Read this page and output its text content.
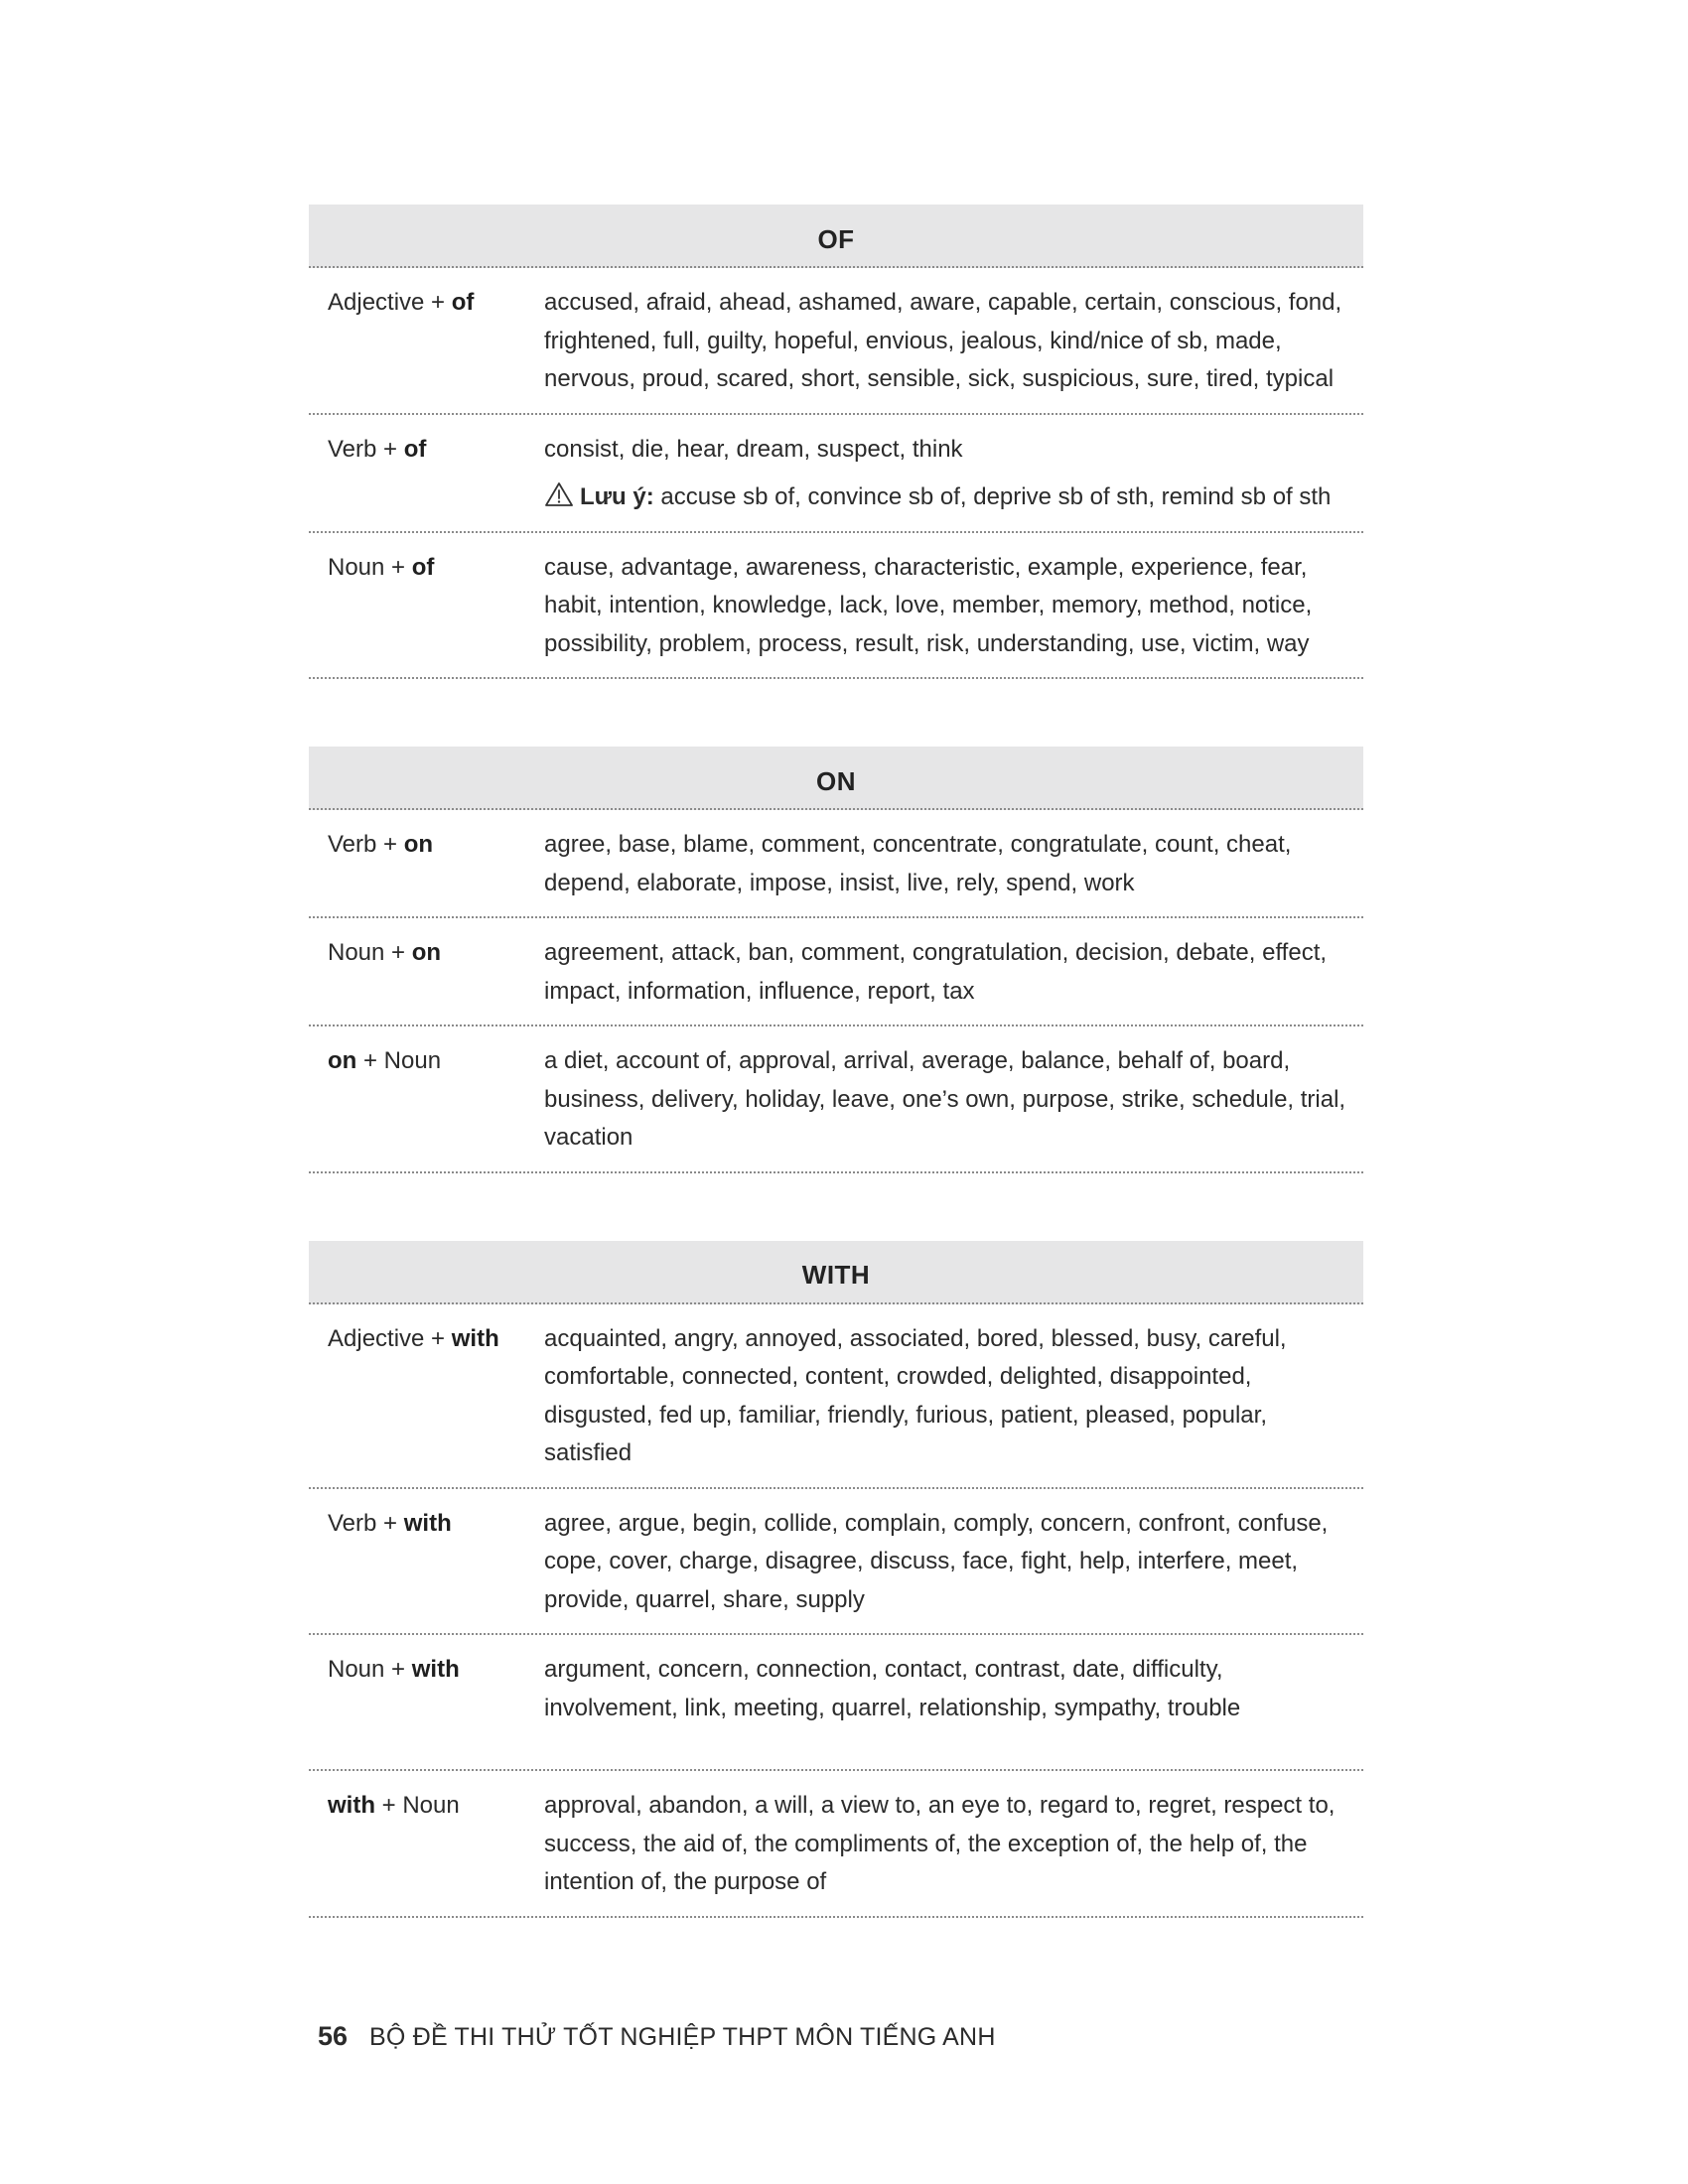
OF
Adjective + of	accused, afraid, ahead, ashamed, aware, capable, certain, conscious, fond, frightened, full, guilty, hopeful, envious, jealous, kind/nice of sb, made, nervous, proud, scared, short, sensible, sick, suspicious, sure, tired, typical
Verb + of	consist, die, hear, dream, suspect, think
Lưu ý: accuse sb of, convince sb of, deprive sb of sth, remind sb of sth
Noun + of	cause, advantage, awareness, characteristic, example, experience, fear, habit, intention, knowledge, lack, love, member, memory, method, notice, possibility, problem, process, result, risk, understanding, use, victim, way
ON
Verb + on	agree, base, blame, comment, concentrate, congratulate, count, cheat, depend, elaborate, impose, insist, live, rely, spend, work
Noun + on	agreement, attack, ban, comment, congratulation, decision, debate, effect, impact, information, influence, report, tax
on + Noun	a diet, account of, approval, arrival, average, balance, behalf of, board, business, delivery, holiday, leave, one’s own, purpose, strike, schedule, trial, vacation
WITH
Adjective + with	acquainted, angry, annoyed, associated, bored, blessed, busy, careful, comfortable, connected, content, crowded, delighted, disappointed, disgusted, fed up, familiar, friendly, furious, patient, pleased, popular, satisfied
Verb + with	agree, argue, begin, collide, complain, comply, concern, confront, confuse, cope, cover, charge, disagree, discuss, face, fight, help, interfere, meet, provide, quarrel, share, supply
Noun + with	argument, concern, connection, contact, contrast, date, difficulty, involvement, link, meeting, quarrel, relationship, sympathy, trouble
with + Noun	approval, abandon, a will, a view to, an eye to, regard to, regret, respect to, success, the aid of, the compliments of, the exception of, the help of, the intention of, the purpose of
56 BỘ ĐỀ THI THỬ TỐT NGHIỆP THPT MÔN TIẾNG ANH
